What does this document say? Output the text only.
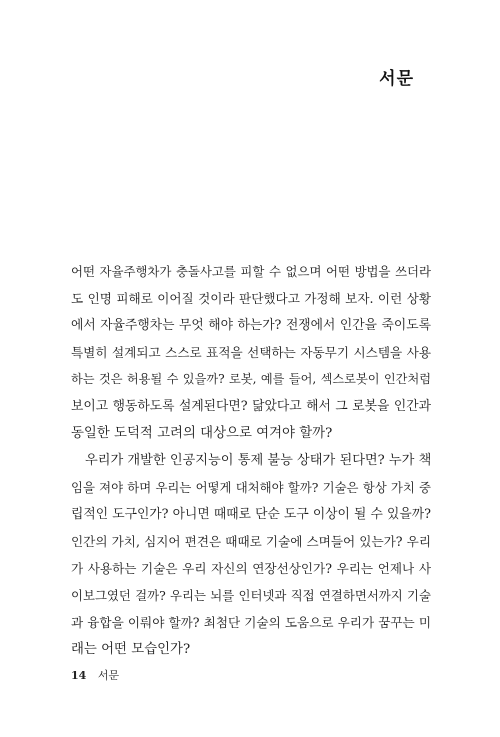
서문

어떤 자율주행차가 충돌사고를 피할 수 없으며 어떤 방법을 쓰더라
도 인명 피해로 이어질 것이라 판단했다고 가정해 보자. 이런 상황
에서 자율주행차는 무엇 해야 하는가? 전쟁에서 인간을 죽이도록
특별히 설계되고 스스로 표적을 선택하는 자동무기 시스템을 사용
하는 것은 허용될 수 있을까? 로봇, 예를 들어, 섹스로봇이 인간처럼
보이고 행동하도록 설계된다면? 닮았다고 해서 그 로봇을 인간과
동일한 도덕적 고려의 대상으로 여겨야 할까?

우리가 개발한 인공지능이 통제 불능 상태가 된다면? 누가 책
임을 져야 하며 우리는 어떻게 대처해야 할까? 기술은 항상 가치 중
립적인 도구인가? 아니면 때때로 단순 도구 이상이 될 수 있을까?
인간의 가치, 심지어 편견은 때때로 기술에 스며들어 있는가? 우리
가 사용하는 기술은 우리 자신의 연장선상인가? 우리는 언제나 사
이보그였던 걸까? 우리는 뇌를 인터넷과 직접 연결하면서까지 기술
과 융합을 이뤄야 할까? 최첨단 기술의 도움으로 우리가 꿈꾸는 미
래는 어떤 모습인가?

14 서문
